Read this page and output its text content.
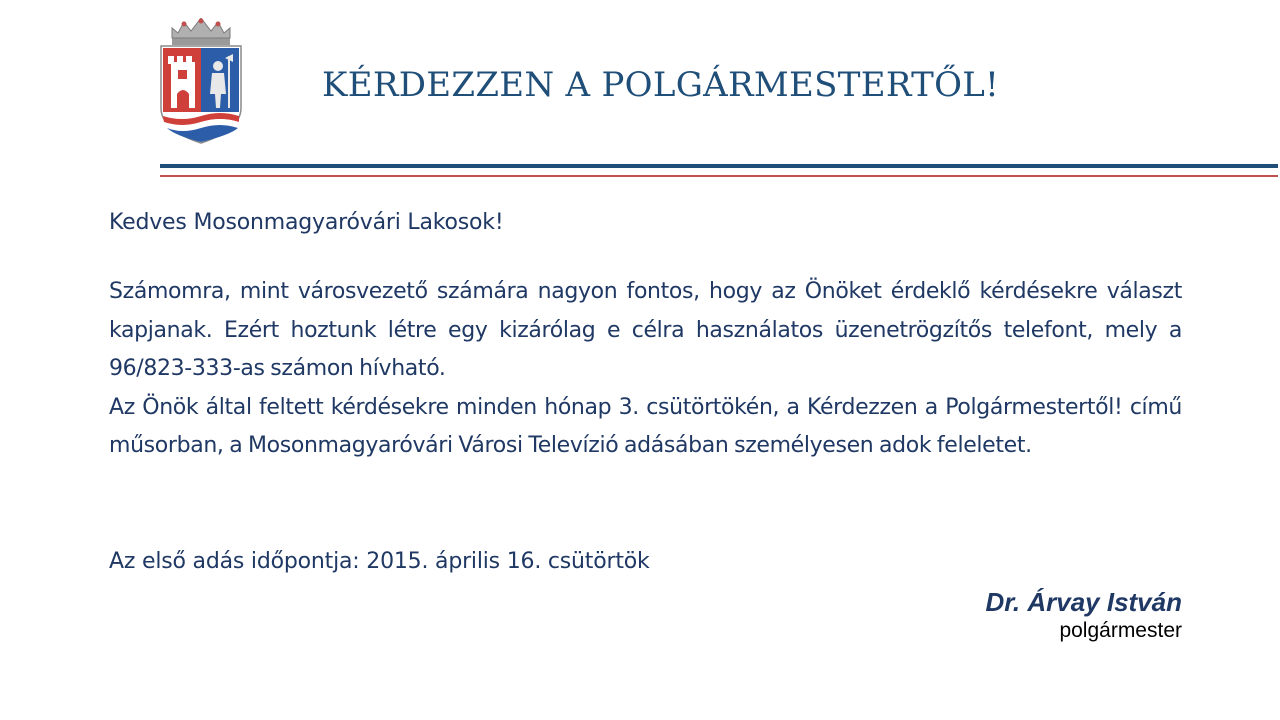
KÉRDEZZEN A POLGÁRMESTERTŐL!

Kedves Mosonmagyaróvári Lakosok!

Számomra, mint városvezető számára nagyon fontos, hogy az Önöket érdeklő kérdésekre választ kapjanak. Ezért hoztunk létre egy kizárólag e célra használatos üzenetrögzítős telefont, mely a 96/823-333-as számon hívható.

Az Önök által feltett kérdésekre minden hónap 3. csütörtökén, a Kérdezzen a Polgármestertől! című műsorban, a Mosonmagyaróvári Városi Televízió adásában személyesen adok feleletet.

Az első adás időpontja: 2015. április 16. csütörtök

Dr. Árvay István
polgármester
